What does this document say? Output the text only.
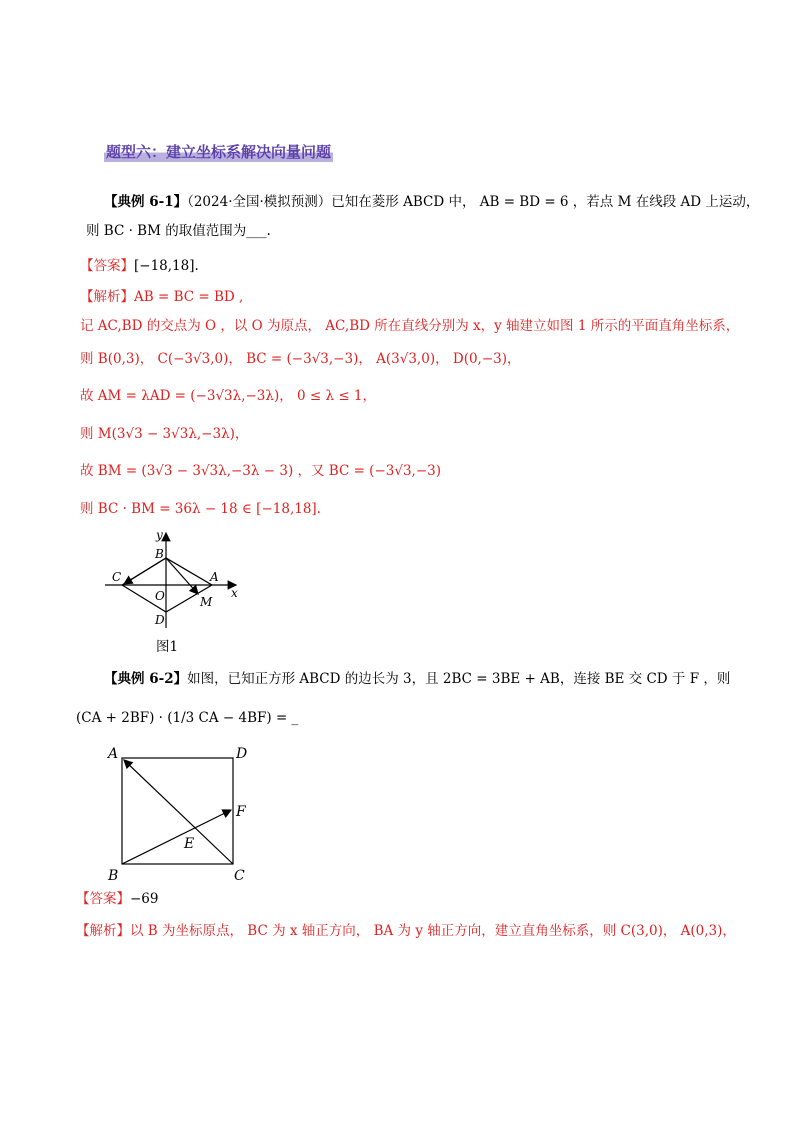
题型六：建立坐标系解决向量问题
【典例 6-1】（2024·全国·模拟预测）已知在菱形 ABCD 中， AB = BD = 6 ，若点 M 在线段 AD 上运动，
则 BC · BM 的取值范围为___.
【答案】[−18,18].
【解析】AB = BC = BD ,
记 AC,BD 的交点为 O ，以 O 为原点， AC,BD 所在直线分别为 x，y 轴建立如图 1 所示的平面直角坐标系，
则 B(0,3)， C(−3√3,0)， BC = (−3√3,−3)， A(3√3,0)， D(0,−3)，
故 AM = λAD = (−3√3λ,−3λ)， 0 ≤ λ ≤ 1，
则 M(3√3 − 3√3λ,−3λ)，
故 BM = (3√3 − 3√3λ,−3λ − 3) ，又 BC = (−3√3,−3)
则 BC · BM = 36λ − 18 ∈ [−18,18].
y
x
B
C	A
O	M
D
图1
【典例 6-2】如图，已知正方形 ABCD 的边长为 3，且 2BC = 3BE + AB，连接 BE 交 CD 于 F ，则
(CA + 2BF) · (1/3 CA − 4BF) = _
A	D
F
E
B	C
【答案】−69
【解析】以 B 为坐标原点， BC 为 x 轴正方向， BA 为 y 轴正方向，建立直角坐标系，则 C(3,0)， A(0,3)，
